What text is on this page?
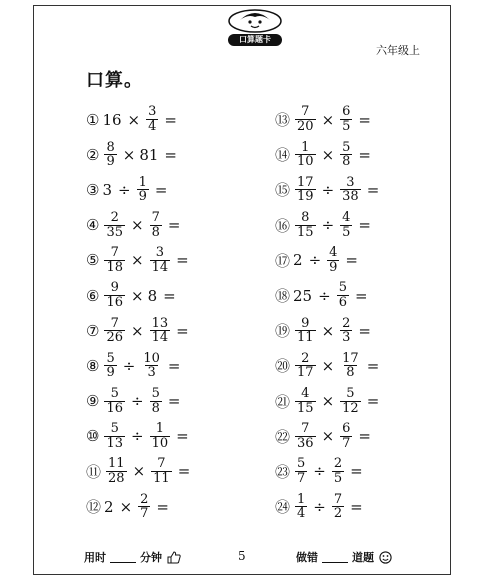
口算题卡
六年级上
口算。
① $16 \times \frac{3}{4}$ =
② $\frac{8}{9} \times 81$ =
③ $3 \div \frac{1}{9}$ =
④ $\frac{2}{35} \times \frac{7}{8}$ =
⑤ $\frac{7}{18} \times \frac{3}{14}$ =
⑥ $\frac{9}{16} \times 8$ =
⑦ $\frac{7}{26} \times \frac{13}{14}$ =
⑧ $\frac{5}{9} \div \frac{10}{3}$ =
⑨ $\frac{5}{16} \div \frac{5}{8}$ =
⑩ $\frac{5}{13} \div \frac{1}{10}$ =
⑪ $\frac{11}{28} \times \frac{7}{11}$ =
⑫ $2 \times \frac{2}{7}$ =
⑬ $\frac{7}{20} \times \frac{6}{5}$ =
⑭ $\frac{1}{10} \times \frac{5}{8}$ =
⑮ $\frac{17}{19} \div \frac{3}{38}$ =
⑯ $\frac{8}{15} \div \frac{4}{5}$ =
⑰ $2 \div \frac{4}{9}$ =
⑱ $25 \div \frac{5}{6}$ =
⑲ $\frac{9}{11} \times \frac{2}{3}$ =
⑳ $\frac{2}{17} \times \frac{17}{8}$ =
㉑ $\frac{4}{15} \times \frac{5}{12}$ =
㉒ $\frac{7}{36} \times \frac{6}{7}$ =
㉓ $\frac{5}{7} \div \frac{2}{5}$ =
㉔ $\frac{1}{4} \div \frac{7}{2}$ =
用时	分钟	5	做错	道题
